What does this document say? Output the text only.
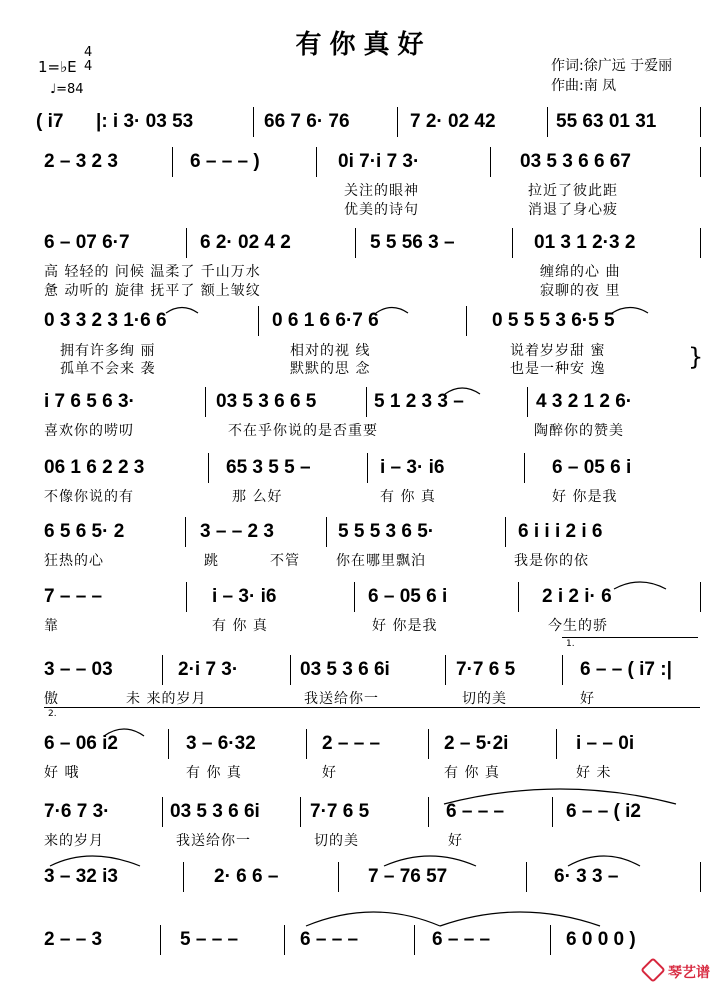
有你真好
1=♭E
4
4
♩=84
作词:徐广远 于爱丽
作曲:南 凤
( i7 |: i 3· 03 53	66 7 6· 76	7 2· 02 42	55 63 01 31
2 – 3 2 3	6 – – – )	0i 7·i 7 3·	03 5 3 6 6 67
关注的眼神	拉近了彼此距
优美的诗句	消退了身心疲
6 – 07 6·7	6 2· 02 4 2	5 5 56 3 –	01 3 1 2·3 2
高 轻轻的 问候 温柔了 千山万水	缠绵的心 曲
惫 动听的 旋律 抚平了 额上皱纹	寂聊的夜 里
0 3 3 2 3 1·6 6	0 6 1 6 6·7 6	0 5 5 5 3 6·5 5
拥有许多绚 丽	相对的视 线	说着岁岁甜 蜜
孤单不会来 袭	默默的思 念	也是一种安 逸	}
i 7 6 5 6 3·	03 5 3 6 6 5	5 1 2 3 3 –	4 3 2 1 2 6·
喜欢你的唠叨	不在乎你说的是否重要	陶醉你的赞美
06 1 6 2 2 3	65 3 5 5 –	i – 3· i6	6 – 05 6 i
不像你说的有	那 么好	有 你 真	好 你是我
6 5 6 5· 2	3 – – 2 3	5 5 5 3 6 5·	6 i i i 2 i 6
狂热的心	跳	不管	你在哪里飘泊	我是你的依
7 – – –	i – 3· i6	6 – 05 6 i	2 i 2 i· 6
靠	有 你 真	好 你是我	今生的骄
3 – – 03	2·i 7 3·	03 5 3 6 6i	7·7 6 5
1.
6 – – ( i7 :|
傲	未 来的岁月	我送给你一	切的美	好
2.
6 – 06 i2	3 – 6·32	2 – – –	2 – 5·2i	i – – 0i
好 哦	有 你 真	好	有 你 真	好 未
7·6 7 3·	03 5 3 6 6i	7·7 6 5	6 – – –	6 – – ( i2
来的岁月	我送给你一	切的美	好
3 – 32 i3	2· 6 6 –	7 – 76 57	6· 3 3 –
2 – – 3	5 – – –	6 – – –	6 – – –	6 0 0 0 )
琴艺谱
